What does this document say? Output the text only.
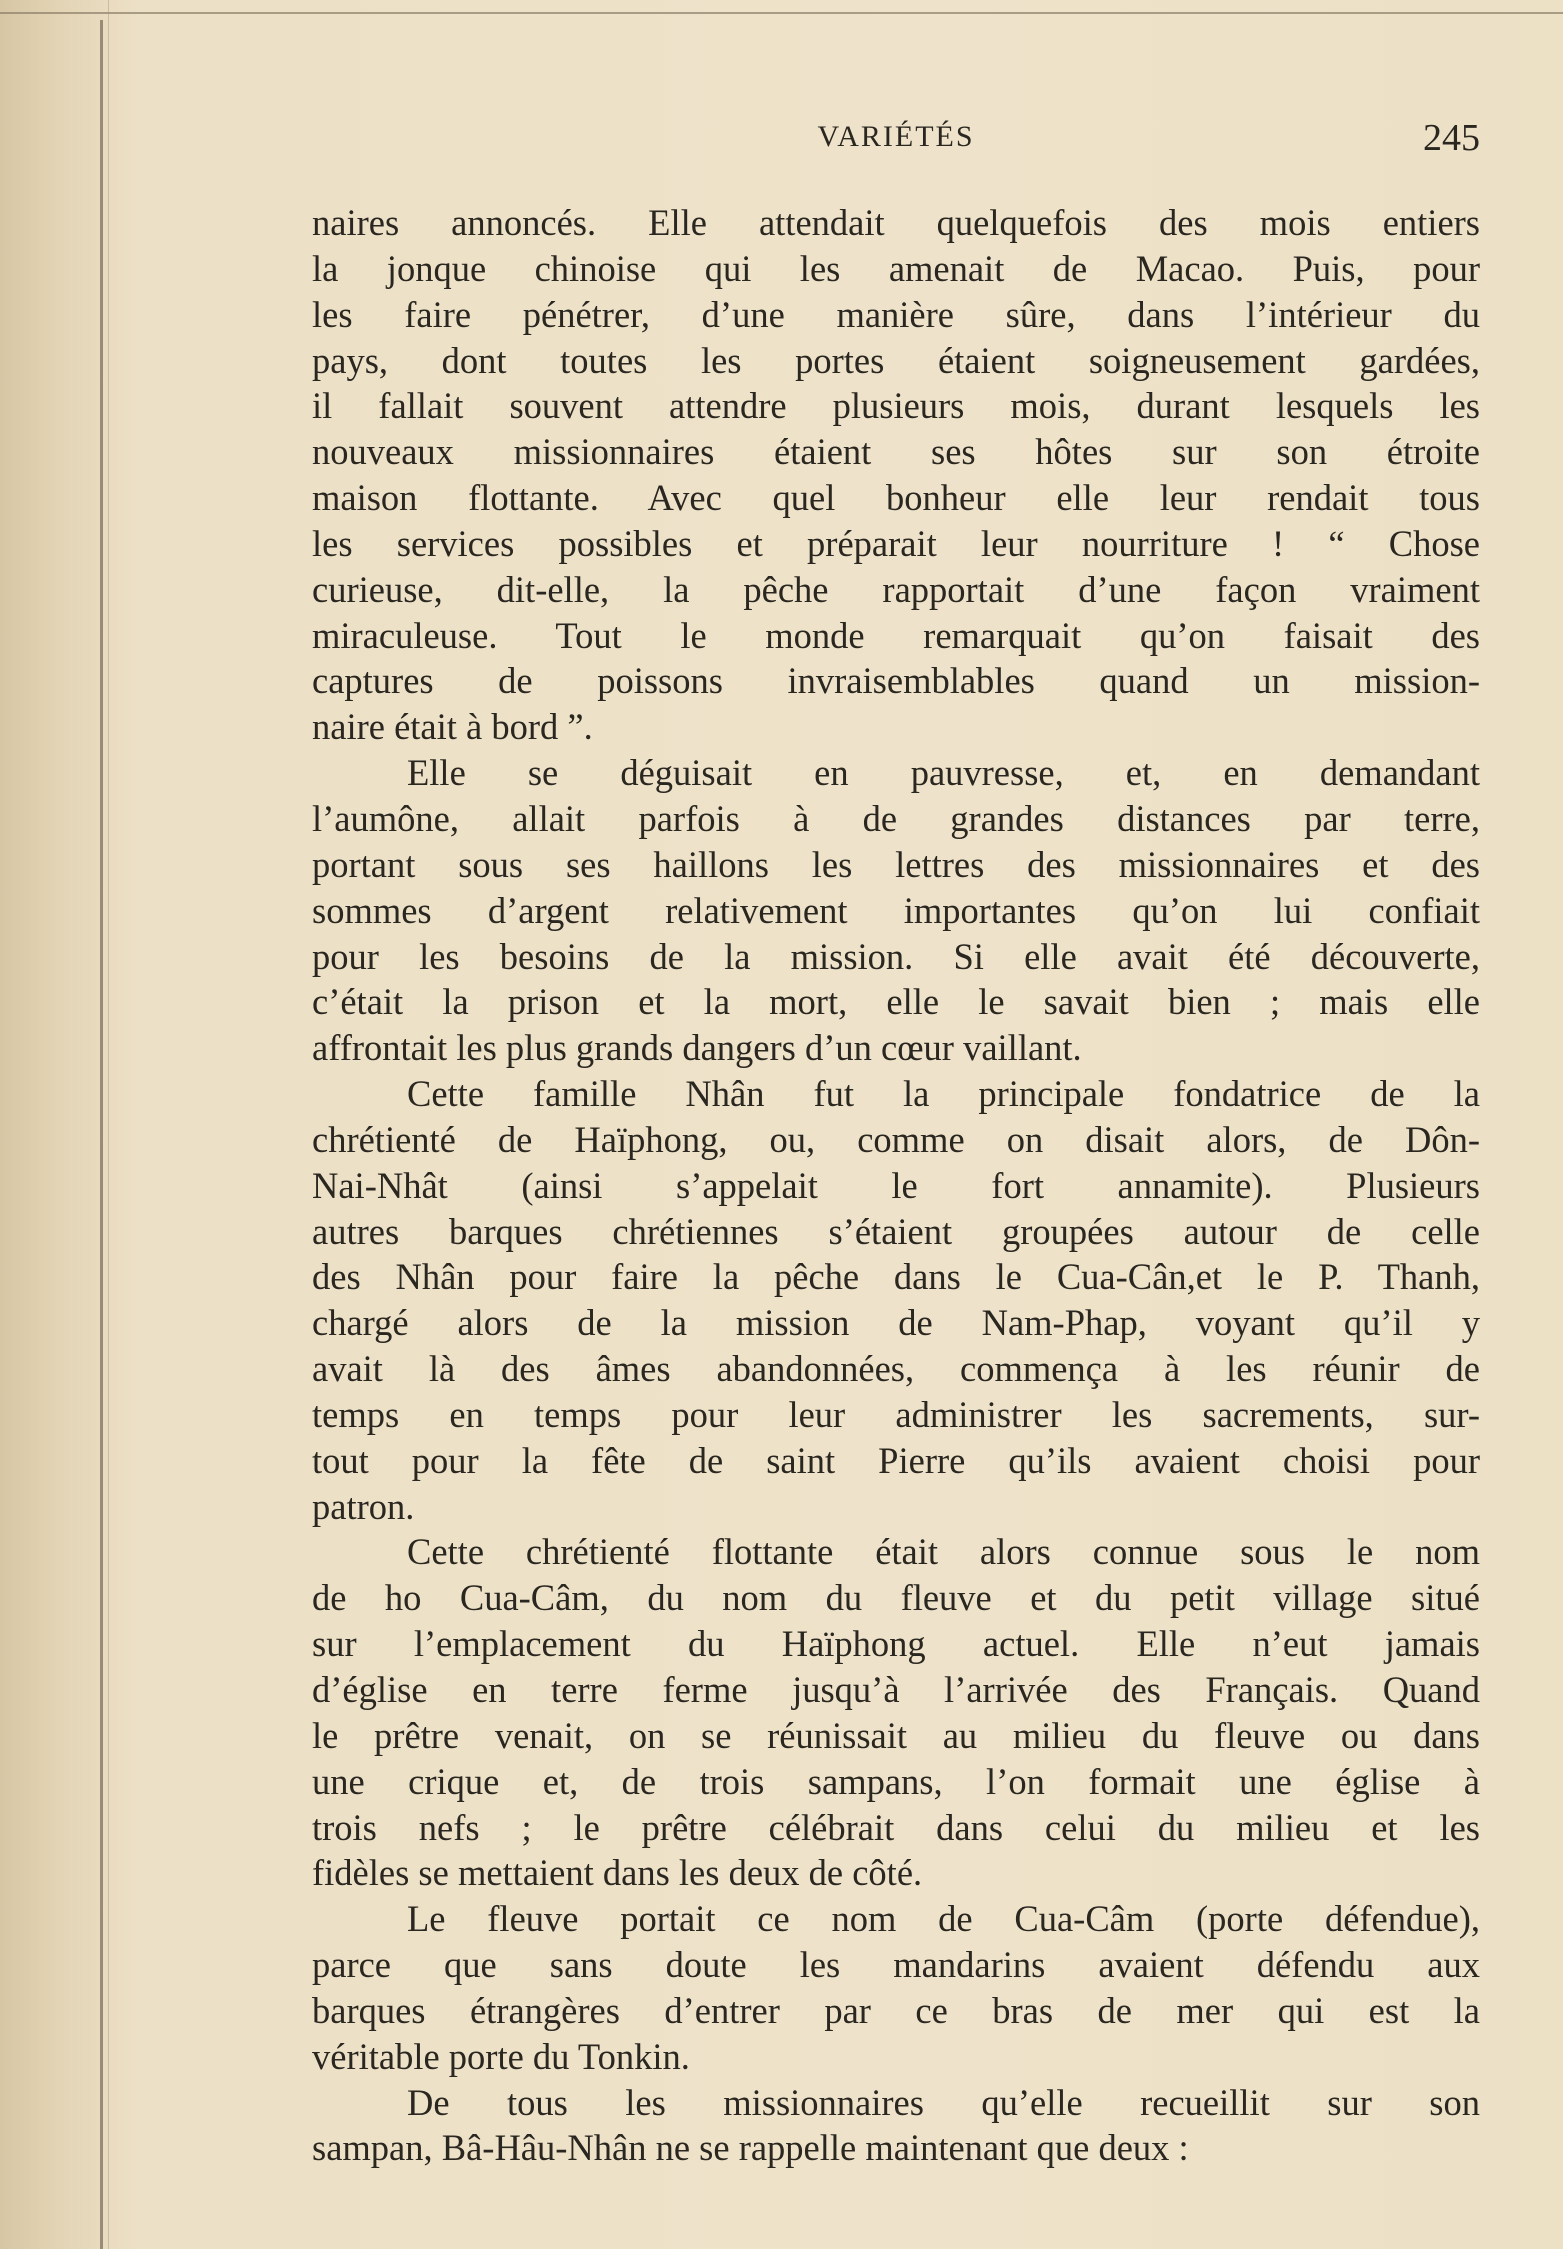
VARIÉTÉS	245

naires annoncés. Elle attendait quelquefois des mois entiers
la jonque chinoise qui les amenait de Macao. Puis, pour
les faire pénétrer, d’une manière sûre, dans l’intérieur du
pays, dont toutes les portes étaient soigneusement gardées,
il fallait souvent attendre plusieurs mois, durant lesquels les
nouveaux missionnaires étaient ses hôtes sur son étroite
maison flottante. Avec quel bonheur elle leur rendait tous
les services possibles et préparait leur nourriture ! “ Chose
curieuse, dit-elle, la pêche rapportait d’une façon vraiment
miraculeuse. Tout le monde remarquait qu’on faisait des
captures de poissons invraisemblables quand un mission-
naire était à bord ”.

Elle se déguisait en pauvresse, et, en demandant
l’aumône, allait parfois à de grandes distances par terre,
portant sous ses haillons les lettres des missionnaires et des
sommes d’argent relativement importantes qu’on lui confiait
pour les besoins de la mission. Si elle avait été découverte,
c’était la prison et la mort, elle le savait bien ; mais elle
affrontait les plus grands dangers d’un cœur vaillant.

Cette famille Nhân fut la principale fondatrice de la
chrétienté de Haïphong, ou, comme on disait alors, de Dôn-
Nai-Nhât (ainsi s’appelait le fort annamite). Plusieurs
autres barques chrétiennes s’étaient groupées autour de celle
des Nhân pour faire la pêche dans le Cua-Cân,et le P. Thanh,
chargé alors de la mission de Nam-Phap, voyant qu’il y
avait là des âmes abandonnées, commença à les réunir de
temps en temps pour leur administrer les sacrements, sur-
tout pour la fête de saint Pierre qu’ils avaient choisi pour
patron.

Cette chrétienté flottante était alors connue sous le nom
de ho Cua-Câm, du nom du fleuve et du petit village situé
sur l’emplacement du Haïphong actuel. Elle n’eut jamais
d’église en terre ferme jusqu’à l’arrivée des Français. Quand
le prêtre venait, on se réunissait au milieu du fleuve ou dans
une crique et, de trois sampans, l’on formait une église à
trois nefs ; le prêtre célébrait dans celui du milieu et les
fidèles se mettaient dans les deux de côté.

Le fleuve portait ce nom de Cua-Câm (porte défendue),
parce que sans doute les mandarins avaient défendu aux
barques étrangères d’entrer par ce bras de mer qui est la
véritable porte du Tonkin.

De tous les missionnaires qu’elle recueillit sur son
sampan, Bâ-Hâu-Nhân ne se rappelle maintenant que deux :
